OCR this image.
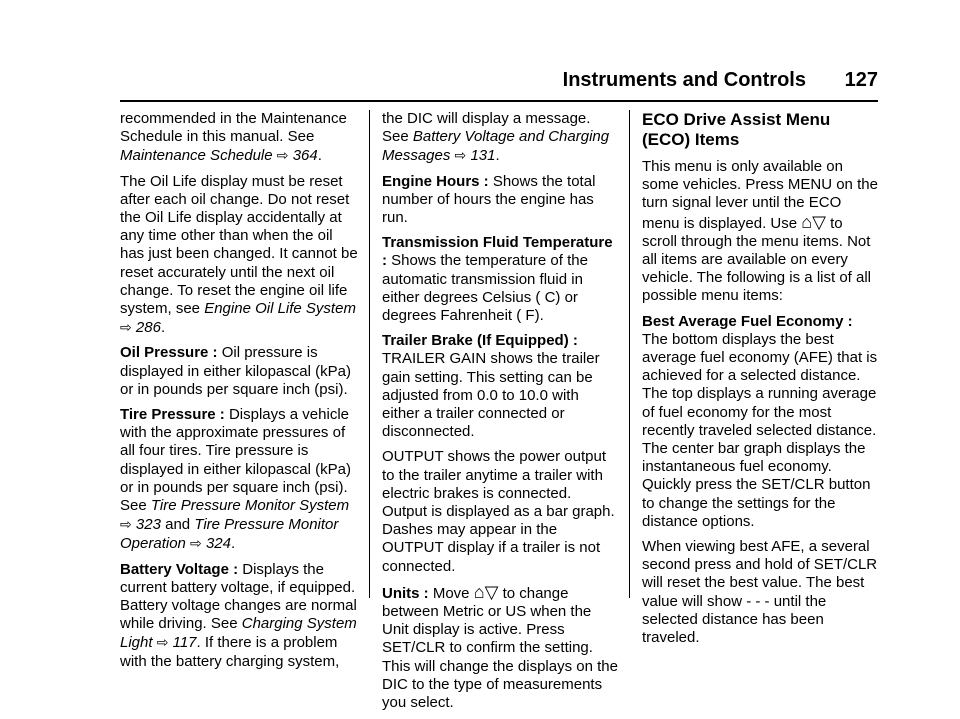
Instruments and Controls	127

recommended in the Maintenance Schedule in this manual. See Maintenance Schedule ⇨ 364.

The Oil Life display must be reset after each oil change. Do not reset the Oil Life display accidentally at any time other than when the oil has just been changed. It cannot be reset accurately until the next oil change. To reset the engine oil life system, see Engine Oil Life System
⇨ 286.

Oil Pressure : Oil pressure is displayed in either kilopascal (kPa) or in pounds per square inch (psi).

Tire Pressure : Displays a vehicle with the approximate pressures of all four tires. Tire pressure is displayed in either kilopascal (kPa) or in pounds per square inch (psi). See Tire Pressure Monitor System
⇨ 323 and Tire Pressure Monitor Operation ⇨ 324.

Battery Voltage : Displays the current battery voltage, if equipped. Battery voltage changes are normal while driving. See Charging System Light ⇨ 117. If there is a problem with the battery charging system,

the DIC will display a message. See Battery Voltage and Charging Messages ⇨ 131.

Engine Hours : Shows the total number of hours the engine has run.

Transmission Fluid Temperature : Shows the temperature of the automatic transmission fluid in either degrees Celsius ( C) or degrees Fahrenheit ( F).

Trailer Brake (If Equipped) : TRAILER GAIN shows the trailer gain setting. This setting can be adjusted from 0.0 to 10.0 with either a trailer connected or disconnected.

OUTPUT shows the power output to the trailer anytime a trailer with electric brakes is connected. Output is displayed as a bar graph. Dashes may appear in the OUTPUT display if a trailer is not connected.

Units : Move ⌂▽ to change between Metric or US when the Unit display is active. Press SET/CLR to confirm the setting. This will change the displays on the DIC to the type of measurements you select.

ECO Drive Assist Menu (ECO) Items

This menu is only available on some vehicles. Press MENU on the turn signal lever until the ECO menu is displayed. Use ⌂▽ to scroll through the menu items. Not all items are available on every vehicle. The following is a list of all possible menu items:

Best Average Fuel Economy : The bottom displays the best average fuel economy (AFE) that is achieved for a selected distance. The top displays a running average of fuel economy for the most recently traveled selected distance. The center bar graph displays the instantaneous fuel economy. Quickly press the SET/CLR button to change the settings for the distance options.

When viewing best AFE, a several second press and hold of SET/CLR will reset the best value. The best value will show - - - until the selected distance has been traveled.
